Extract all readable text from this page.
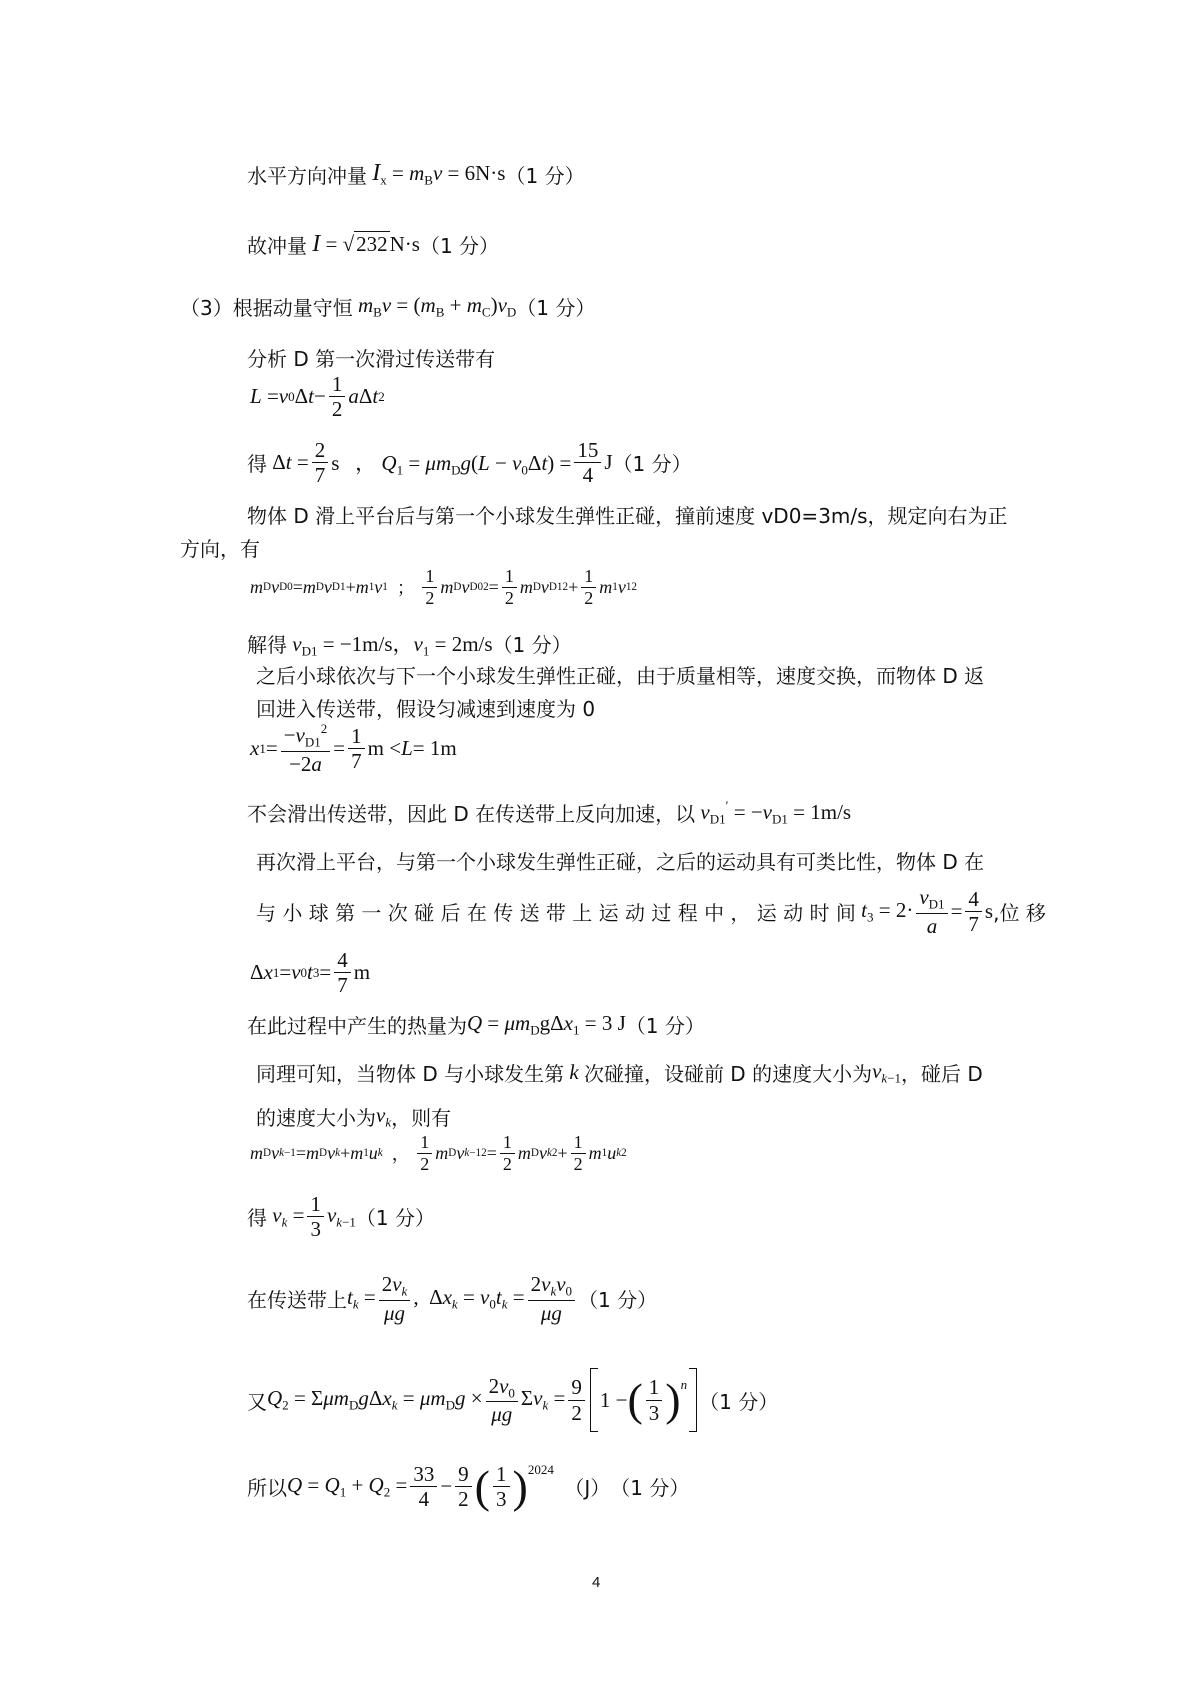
水平方向冲量 $I_x = m_Bv = 6N\cdot s$ （1 分）
故冲量 I = √232N·s （1 分）
（3）根据动量守恒 $m_Bv = (m_B + m_C)v_D$ （1 分）
分析 D 第一次滑过传送带有
L = v 0 Δ $t - \frac{1}{2}$ a Δ t 2
得 $\Delta t = \frac{2}{7}$ s   ， $Q_1 = \mu m_Dg(L - v_0\Delta t) = \frac{15}{4}$ J （1 分）
物体 D 滑上平台后与第一个小球发生弹性正碰，撞前速度 vD0=3m/s，规定向右为正
方向，有
m D v D0 = m D v D1 + m 1 v 1 ； $\frac{1}{2}$ m D v D0 $2 = \frac{1}{2}$ m D v D1 $2 + \frac{1}{2}$ m 1 v 1 2
解得 $v_{D1} = -1m/s$，$v_1 = 2m/s$ （1 分）
之后小球依次与下一个小球发生弹性正碰，由于质量相等，速度交换，而物体 D 返
回进入传送带，假设匀减速到速度为 0
x $1 = \frac{-v_{D1}^2}{-2a} = \frac{1}{7}$ m < L = 1m
不会滑出传送带，因此 D 在传送带上反向加速，以 $v_{D1}' = -v_{D1} = 1m/s$
再次滑上平台，与第一个小球发生弹性正碰，之后的运动具有可类比性，物体 D 在
与 小 球 第 一 次 碰 后 在 传 送 带 上 运 动 过 程 中 ， 运 动 时 间 $t_3 = 2\cdot \frac{v_{D1}}{a} = \frac{4}{7}$ s ,位 移
Δ x 1 = v 0 t $3 = \frac{4}{7}$ m
在此过程中产生的热量为 $Q = \mu m_Dg\Delta x_1 = 3$ J （1 分）
同理可知，当物体 D 与小球发生第 k 次碰撞，设碰前 D 的速度大小为 $v_{k-1}$ ，碰后 D
的速度大小为 $v_k$ ，则有
m D v k −1 = m D v k + m 1 u k ， $\frac{1}{2}$ m D v k −1 $2 = \frac{1}{2}$ m D v k $2 + \frac{1}{2}$ m 1 u k 2
得 $v_k = \frac{1}{3} v_{k-1}$ （1 分）
在传送带上 $t_k = \frac{2v_k}{\mu g}$ ,  $\Delta x_k = v_0t_k = \frac{2v_kv_0}{\mu g} (1$ 分）
又 $Q_2 = \Sigma\mu m_Dg\Delta x_k = \mu m_Dg \times \frac{2v_0}{\mu g} \Sigma v_k = \frac{9}{2} 1$ − ( $\frac{1}{3}$ ) n
（1 分）
所以 $Q = Q_1 + Q_2 = \frac{33}{4} - \frac{9}{2}$ ( $\frac{1}{3}$ ) 2024

（J） （1 分）
4
